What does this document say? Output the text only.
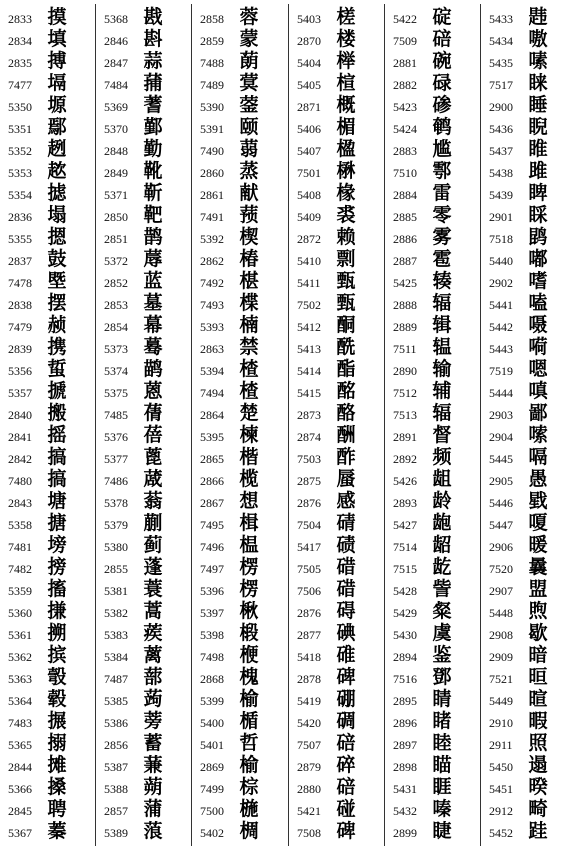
2833 摸
2834 填
2835 搏
7477 塥
5350 塬
5351 鄢
5352 趔
5353 趑
5354 摅
2836 塌
5355 摁
2837 鼓
7478 塈
2838 摆
7479 赪
2839 携
5356 蜇
5357 搋
2840 搬
2841 摇
2842 搞
7480 搞
2843 塘
5358 搪
7481 塝
7482 搒
5359 搐
5360 搛
5361 搠
5362 摈
5363 彀
5364 毂
7483 搌
5365 搦
2844 摊
5366 搡
2845 聘
5367 蓁
5368 戡
2846 斟
2847 蒜
7484 蒱
5369 蓍
5370 鄞
2848 勤
2849 靴
5371 靳
2850 靶
2851 鹊
5372 蓐
2852 蓝
2853 墓
2854 幕
5373 蓦
5374 鹋
5375 蒽
7485 蒨
5376 蓓
5377 蓖
7486 蒧
5378 蓊
5379 蒯
5380 蓟
2855 蓬
5381 蓑
5382 蒿
5383 蒺
5384 蓠
7487 蔀
5385 蒟
5386 蒡
2856 蓄
5387 蒹
5388 蒴
2857 蒲
5389 蒗
2858 蓉
2859 蒙
7488 蓢
7489 蓂
5390 蓥
5391 颐
7490 蒻
2860 蒸
2861 献
7491 蓣
5392 楔
2862 椿
7492 椹
7493 楪
5393 楠
2863 禁
5394 楂
7494 楂
2864 楚
5395 楝
2865 楷
2866 榄
2867 想
7495 楫
7496 榅
7497 楞
5396 楞
5397 楸
5398 椴
7498 楩
2868 槐
5399 榆
5400 楯
5401 哲
2869 榆
7499 棕
7500 椸
5402 椆
5403 槎
2870 楼
5404 榉
5405 楦
2871 概
5406 楣
5407 楹
7501 楙
5408 椽
5409 裘
2872 赖
5410 剽
5411 甄
7502 甄
5412 酮
5413 酰
5414 酯
5415 酩
2873 酪
2874 酬
7503 酢
2875 蜃
2876 感
7504 碃
5417 碛
7505 碏
7506 碏
2876 碍
2877 碘
5418 碓
2878 碑
5419 硼
5420 碉
7507 碚
2879 碎
2880 碚
5421 碰
7508 碑
5422 碇
7509 碚
2881 碗
2882 碌
5423 碜
5424 鹌
2883 尴
7510 鄠
2884 雷
2885 零
2886 雾
2887 雹
5425 辏
2888 辐
2889 辑
7511 辒
2890 输
7512 辅
7513 辐
2891 督
2892 频
5426 龃
2893 龄
5427 龅
7514 龆
7515 龁
5428 訾
5429 粲
5430 虞
2894 鉴
7516 鄧
2895 睛
2896 睹
2897 睦
2898 瞄
5431 睚
5432 嗪
2899 睫
5433 韪
5434 嗷
5435 嗉
7517 睐
2900 睡
5436 睨
5437 睢
5438 雎
5439 睥
2901 睬
7518 鹍
5440 嘟
2902 嗜
5441 嗑
5442 嗫
5443 嗬
7519 嗯
5444 嗔
2903 鄙
2904 嗦
5445 嗝
2905 愚
5446 戥
5447 嗄
2906 暖
7520 曩
2907 盟
5448 煦
2908 歇
2909 暗
7521 晅
5449 暄
2910 暇
2911 照
5450 遢
5451 暌
2912 畸
5452 跬
